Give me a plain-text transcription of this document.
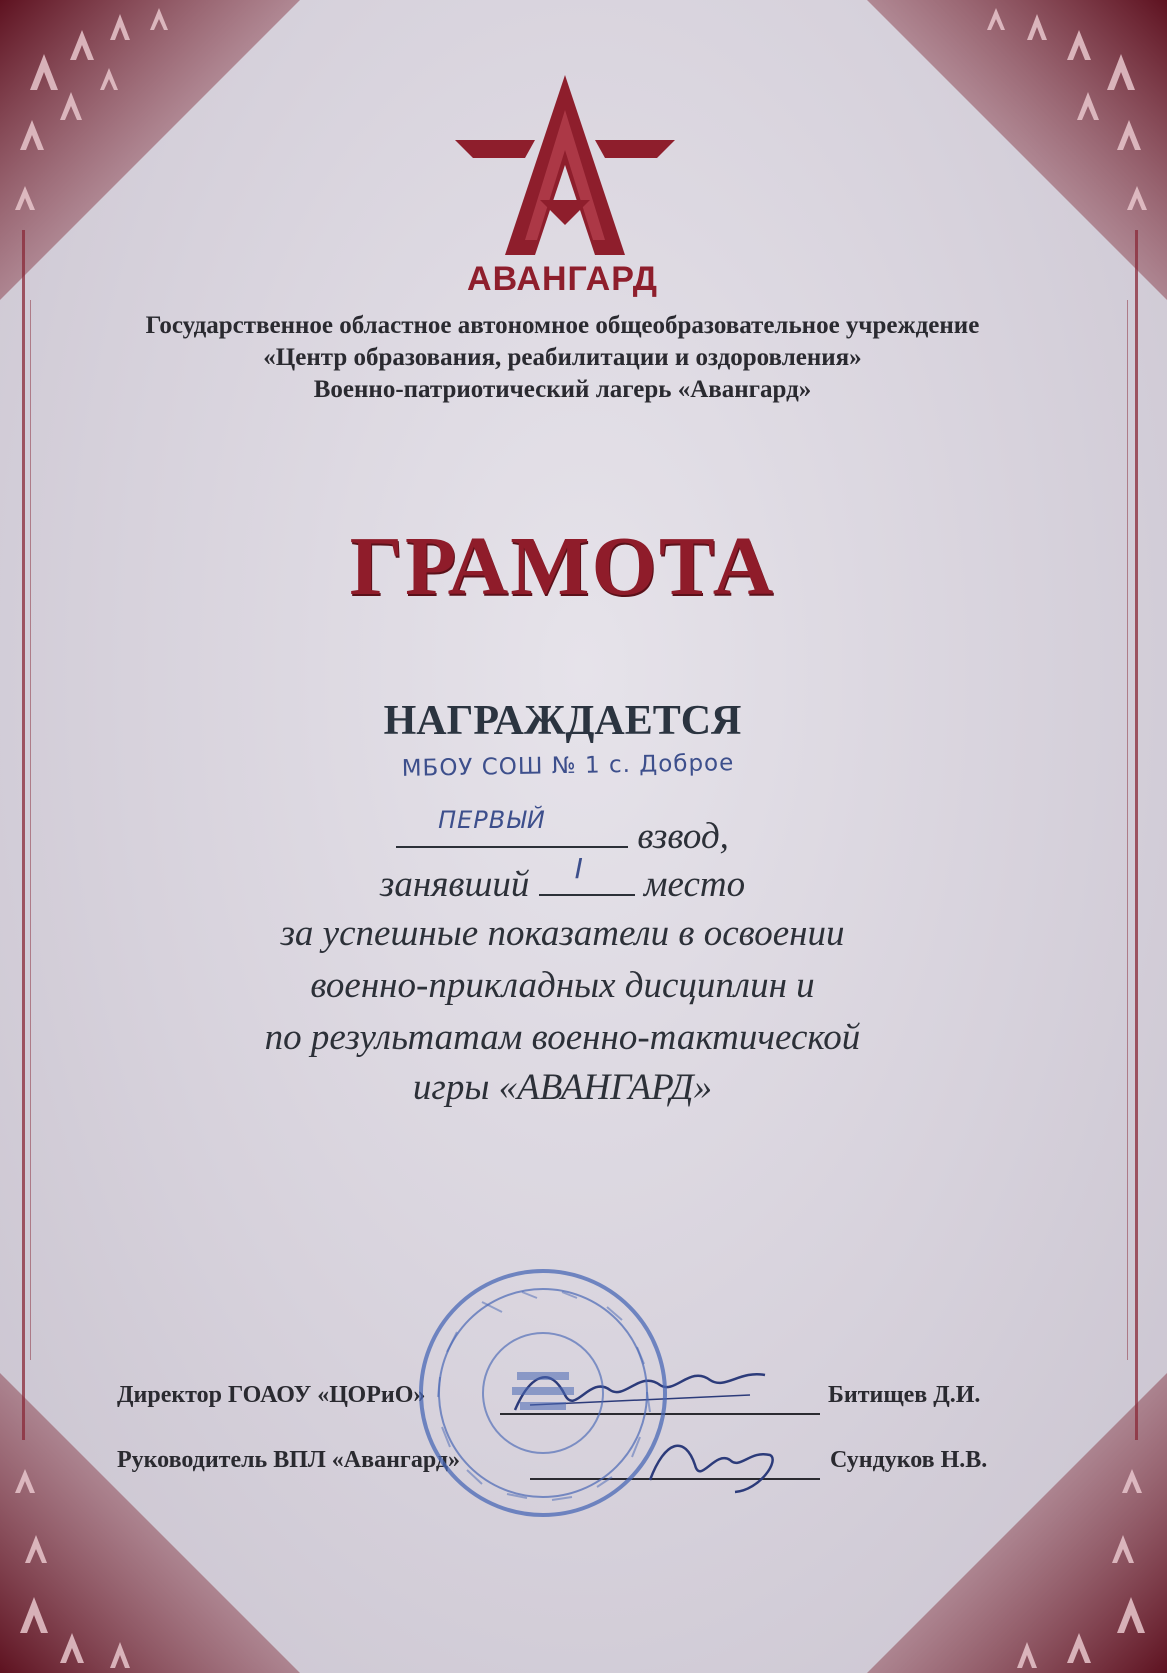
АВАНГАРД
Государственное областное автономное общеобразовательное учреждение
«Центр образования, реабилитации и оздоровления»
Военно-патриотический лагерь «Авангард»
ГРАМОТА
НАГРАЖДАЕТСЯ
МБОУ СОШ № 1 с. Доброе
ПЕРВЫЙ взвод,
занявший I место
за успешные показатели в освоении
военно-прикладных дисциплин и
по результатам военно-тактической
игры «АВАНГАРД»
Директор ГОАОУ «ЦОРиО»	Битищев Д.И.
Руководитель ВПЛ «Авангард»	Сундуков Н.В.
